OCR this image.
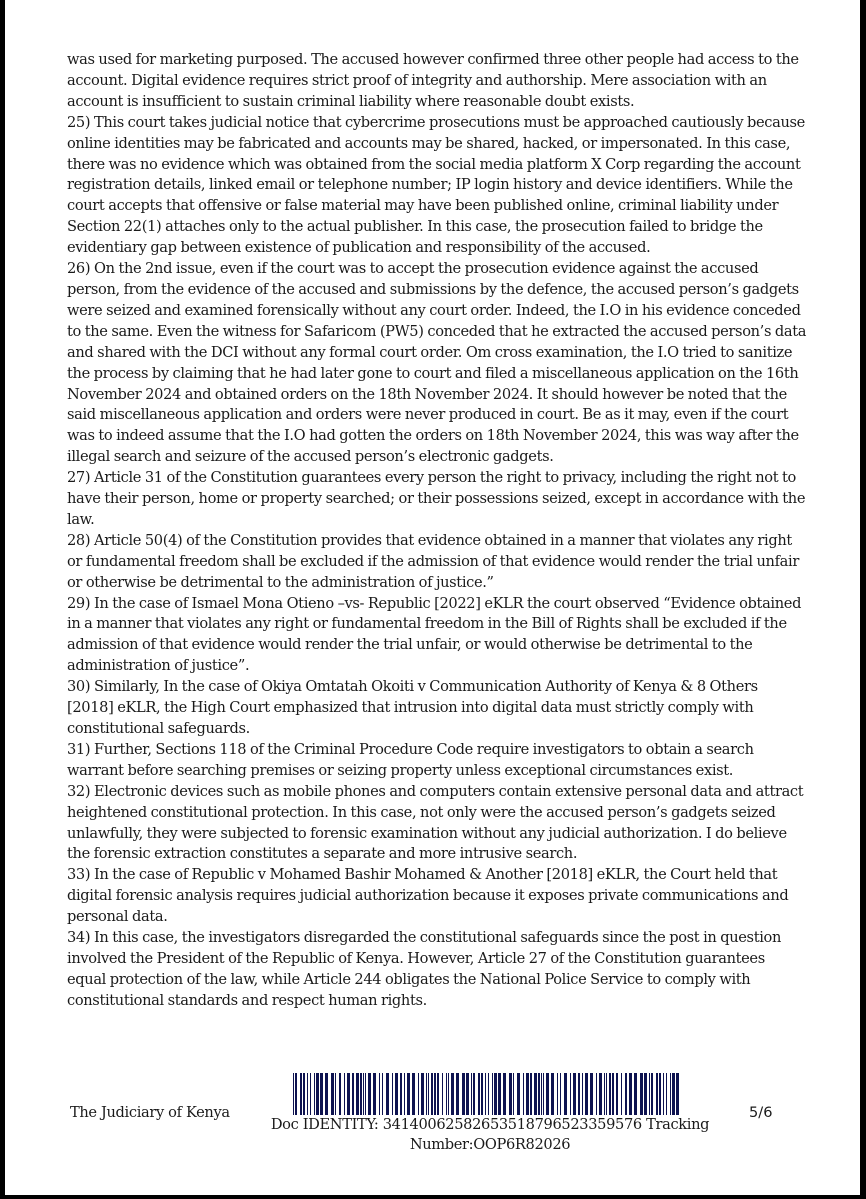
was used for marketing purposed. The accused however confirmed three other people had access to the account. Digital evidence requires strict proof of integrity and authorship. Mere association with an account is insufficient to sustain criminal liability where reasonable doubt exists.

25) This court takes judicial notice that cybercrime prosecutions must be approached cautiously because online identities may be fabricated and accounts may be shared, hacked, or impersonated. In this case, there was no evidence which was obtained from the social media platform X Corp regarding the account registration details, linked email or telephone number; IP login history and device identifiers. While the court accepts that offensive or false material may have been published online, criminal liability under Section 22(1) attaches only to the actual publisher. In this case, the prosecution failed to bridge the evidentiary gap between existence of publication and responsibility of the accused.

26) On the 2nd issue, even if the court was to accept the prosecution evidence against the accused person, from the evidence of the accused and submissions by the defence, the accused person’s gadgets were seized and examined forensically without any court order. Indeed, the I.O in his evidence conceded to the same. Even the witness for Safaricom (PW5) conceded that he extracted the accused person’s data and shared with the DCI without any formal court order. Om cross examination, the I.O tried to sanitize the process by claiming that he had later gone to court and filed a miscellaneous application on the 16th November 2024 and obtained orders on the 18th November 2024. It should however be noted that the said miscellaneous application and orders were never produced in court. Be as it may, even if the court was to indeed assume that the I.O had gotten the orders on 18th November 2024, this was way after the illegal search and seizure of the accused person’s electronic gadgets.

27) Article 31 of the Constitution guarantees every person the right to privacy, including the right not to have their person, home or property searched; or their possessions seized, except in accordance with the law.

28) Article 50(4) of the Constitution provides that evidence obtained in a manner that violates any right or fundamental freedom shall be excluded if the admission of that evidence would render the trial unfair or otherwise be detrimental to the administration of justice.”

29) In the case of Ismael Mona Otieno –vs- Republic [2022] eKLR the court observed “Evidence obtained in a manner that violates any right or fundamental freedom in the Bill of Rights shall be excluded if the admission of that evidence would render the trial unfair, or would otherwise be detrimental to the administration of justice”.

30) Similarly, In the case of Okiya Omtatah Okoiti v Communication Authority of Kenya & 8 Others [2018] eKLR, the High Court emphasized that intrusion into digital data must strictly comply with constitutional safeguards.

31) Further, Sections 118 of the Criminal Procedure Code require investigators to obtain a search warrant before searching premises or seizing property unless exceptional circumstances exist.

32) Electronic devices such as mobile phones and computers contain extensive personal data and attract heightened constitutional protection. In this case, not only were the accused person’s gadgets seized unlawfully, they were subjected to forensic examination without any judicial authorization. I do believe the forensic extraction constitutes a separate and more intrusive search.

33) In the case of Republic v Mohamed Bashir Mohamed & Another [2018] eKLR, the Court held that digital forensic analysis requires judicial authorization because it exposes private communications and personal data.

34) In this case, the investigators disregarded the constitutional safeguards since the post in question involved the President of the Republic of Kenya. However, Article 27 of the Constitution guarantees equal protection of the law, while Article 244 obligates the National Police Service to comply with constitutional standards and respect human rights.

The Judiciary of Kenya
Doc IDENTITY: 34140062582653518796523359576 Tracking
Number:OOP6R82026
5/6
